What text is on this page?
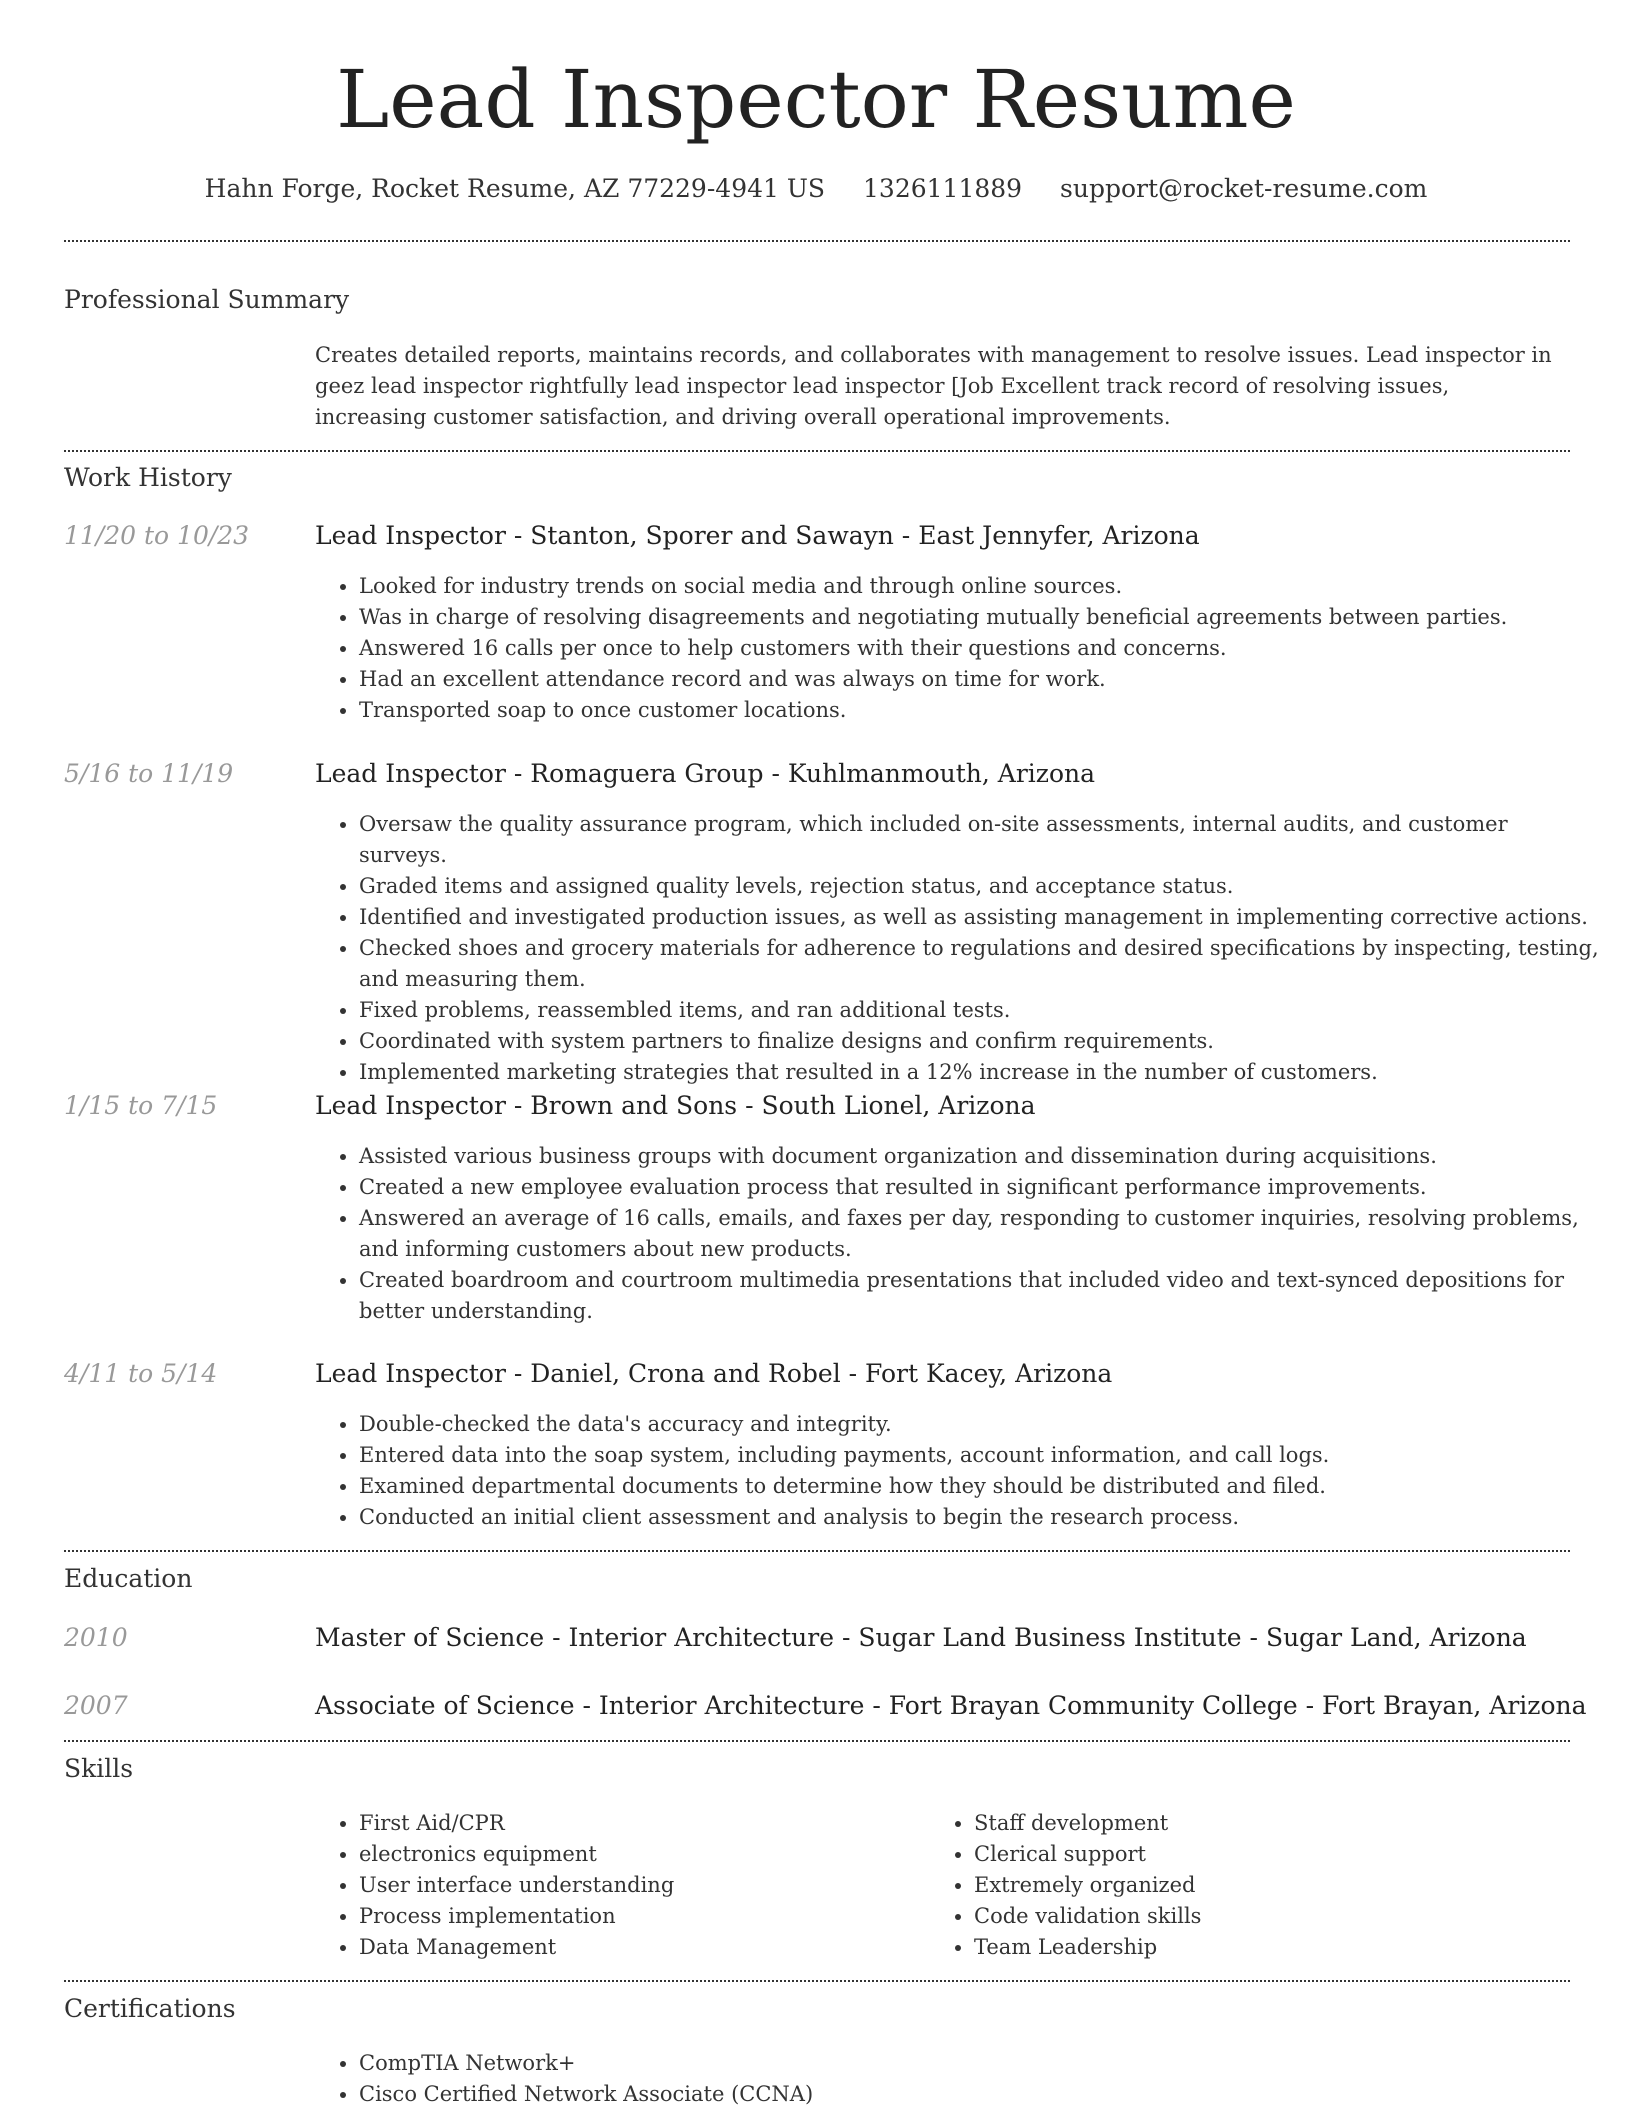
Lead Inspector Resume
Hahn Forge, Rocket Resume, AZ 77229-4941 US 1326111889 support@rocket-resume.com
Professional Summary
Creates detailed reports, maintains records, and collaborates with management to resolve issues. Lead inspector in geez lead inspector rightfully lead inspector lead inspector [Job Excellent track record of resolving issues, increasing customer satisfaction, and driving overall operational improvements.
Work History
11/20 to 10/23	Lead Inspector - Stanton, Sporer and Sawayn - East Jennyfer, Arizona
• Looked for industry trends on social media and through online sources.
• Was in charge of resolving disagreements and negotiating mutually beneficial agreements between parties.
• Answered 16 calls per once to help customers with their questions and concerns.
• Had an excellent attendance record and was always on time for work.
• Transported soap to once customer locations.
5/16 to 11/19	Lead Inspector - Romaguera Group - Kuhlmanmouth, Arizona
• Oversaw the quality assurance program, which included on-site assessments, internal audits, and customer surveys.
• Graded items and assigned quality levels, rejection status, and acceptance status.
• Identified and investigated production issues, as well as assisting management in implementing corrective actions.
• Checked shoes and grocery materials for adherence to regulations and desired specifications by inspecting, testing, and measuring them.
• Fixed problems, reassembled items, and ran additional tests.
• Coordinated with system partners to finalize designs and confirm requirements.
• Implemented marketing strategies that resulted in a 12% increase in the number of customers.
1/15 to 7/15	Lead Inspector - Brown and Sons - South Lionel, Arizona
• Assisted various business groups with document organization and dissemination during acquisitions.
• Created a new employee evaluation process that resulted in significant performance improvements.
• Answered an average of 16 calls, emails, and faxes per day, responding to customer inquiries, resolving problems, and informing customers about new products.
• Created boardroom and courtroom multimedia presentations that included video and text-synced depositions for better understanding.
4/11 to 5/14	Lead Inspector - Daniel, Crona and Robel - Fort Kacey, Arizona
• Double-checked the data's accuracy and integrity.
• Entered data into the soap system, including payments, account information, and call logs.
• Examined departmental documents to determine how they should be distributed and filed.
• Conducted an initial client assessment and analysis to begin the research process.
Education
2010	Master of Science - Interior Architecture - Sugar Land Business Institute - Sugar Land, Arizona
2007	Associate of Science - Interior Architecture - Fort Brayan Community College - Fort Brayan, Arizona
Skills
• First Aid/CPR
• electronics equipment
• User interface understanding
• Process implementation
• Data Management
• Staff development
• Clerical support
• Extremely organized
• Code validation skills
• Team Leadership
Certifications
• CompTIA Network+
• Cisco Certified Network Associate (CCNA)
